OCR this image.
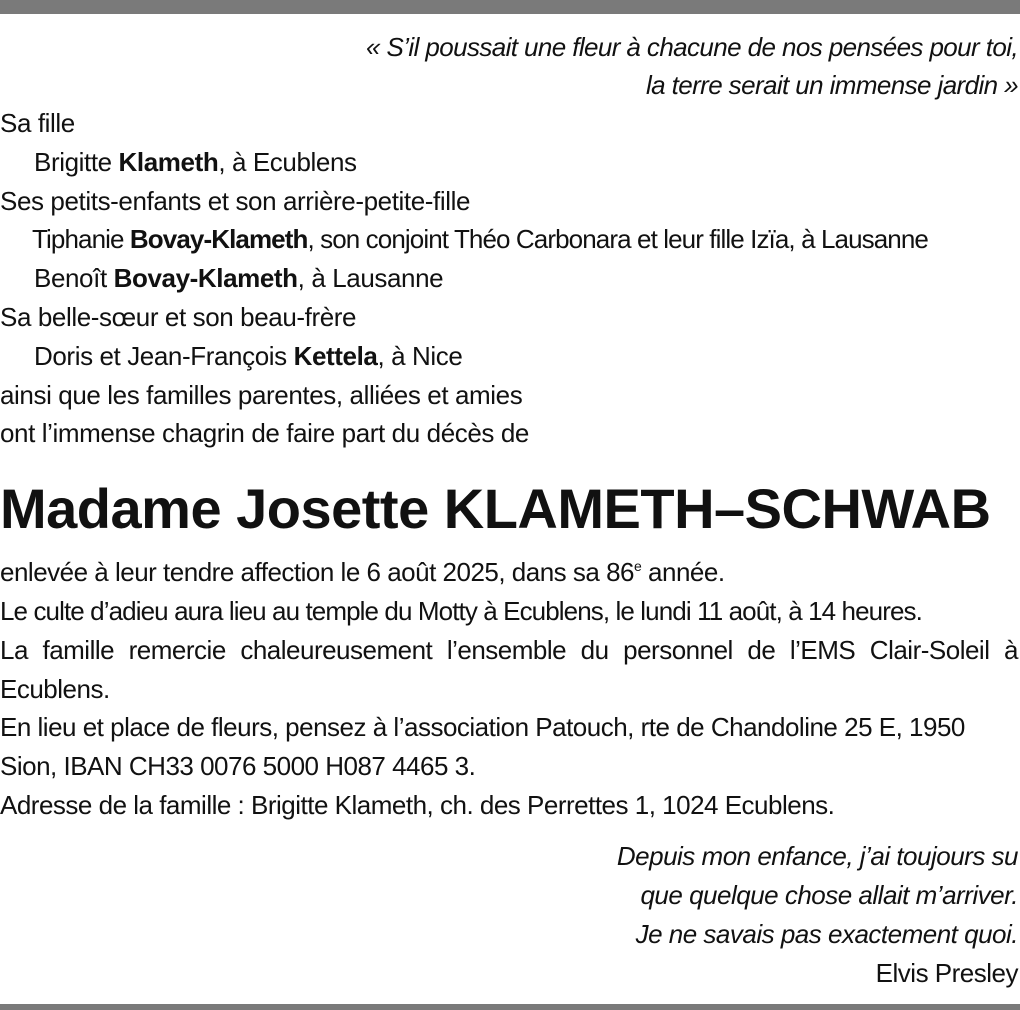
« S’il poussait une fleur à chacune de nos pensées pour toi,
la terre serait un immense jardin »
Sa fille
Brigitte Klameth, à Ecublens
Ses petits-enfants et son arrière-petite-fille
Tiphanie Bovay-Klameth, son conjoint Théo Carbonara et leur fille Izïa, à Lausanne
Benoît Bovay-Klameth, à Lausanne
Sa belle-sœur et son beau-frère
Doris et Jean-François Kettela, à Nice
ainsi que les familles parentes, alliées et amies
ont l’immense chagrin de faire part du décès de
Madame Josette KLAMETH–SCHWAB
enlevée à leur tendre affection le 6 août 2025, dans sa 86e année.
Le culte d’adieu aura lieu au temple du Motty à Ecublens, le lundi 11 août, à 14 heures.
La famille remercie chaleureusement l’ensemble du personnel de l’EMS Clair-Soleil à Ecublens.
En lieu et place de fleurs, pensez à l’association Patouch, rte de Chandoline 25 E, 1950 Sion, IBAN CH33 0076 5000 H087 4465 3.
Adresse de la famille : Brigitte Klameth, ch. des Perrettes 1, 1024 Ecublens.
Depuis mon enfance, j’ai toujours su
que quelque chose allait m’arriver.
Je ne savais pas exactement quoi.
Elvis Presley
